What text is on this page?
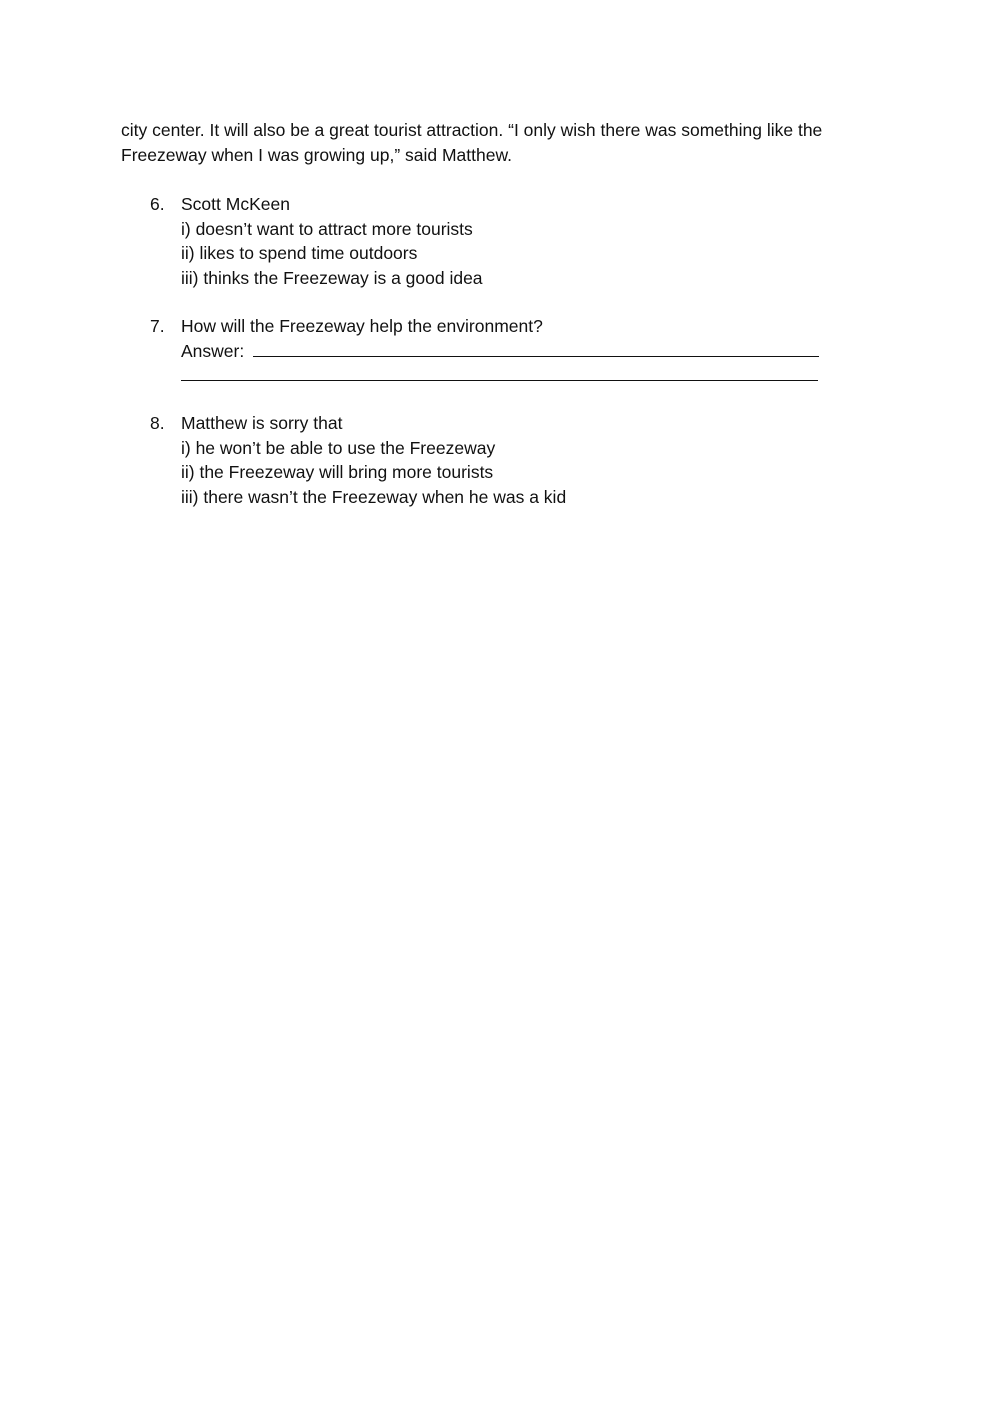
city center. It will also be a great tourist attraction. “I only wish there was something like the
Freezeway when I was growing up,” said Matthew.

6. Scott McKeen
i) doesn’t want to attract more tourists
ii) likes to spend time outdoors
iii) thinks the Freezeway is a good idea
7. How will the Freezeway help the environment?
Answer:
8. Matthew is sorry that
i) he won’t be able to use the Freezeway
ii) the Freezeway will bring more tourists
iii) there wasn’t the Freezeway when he was a kid
